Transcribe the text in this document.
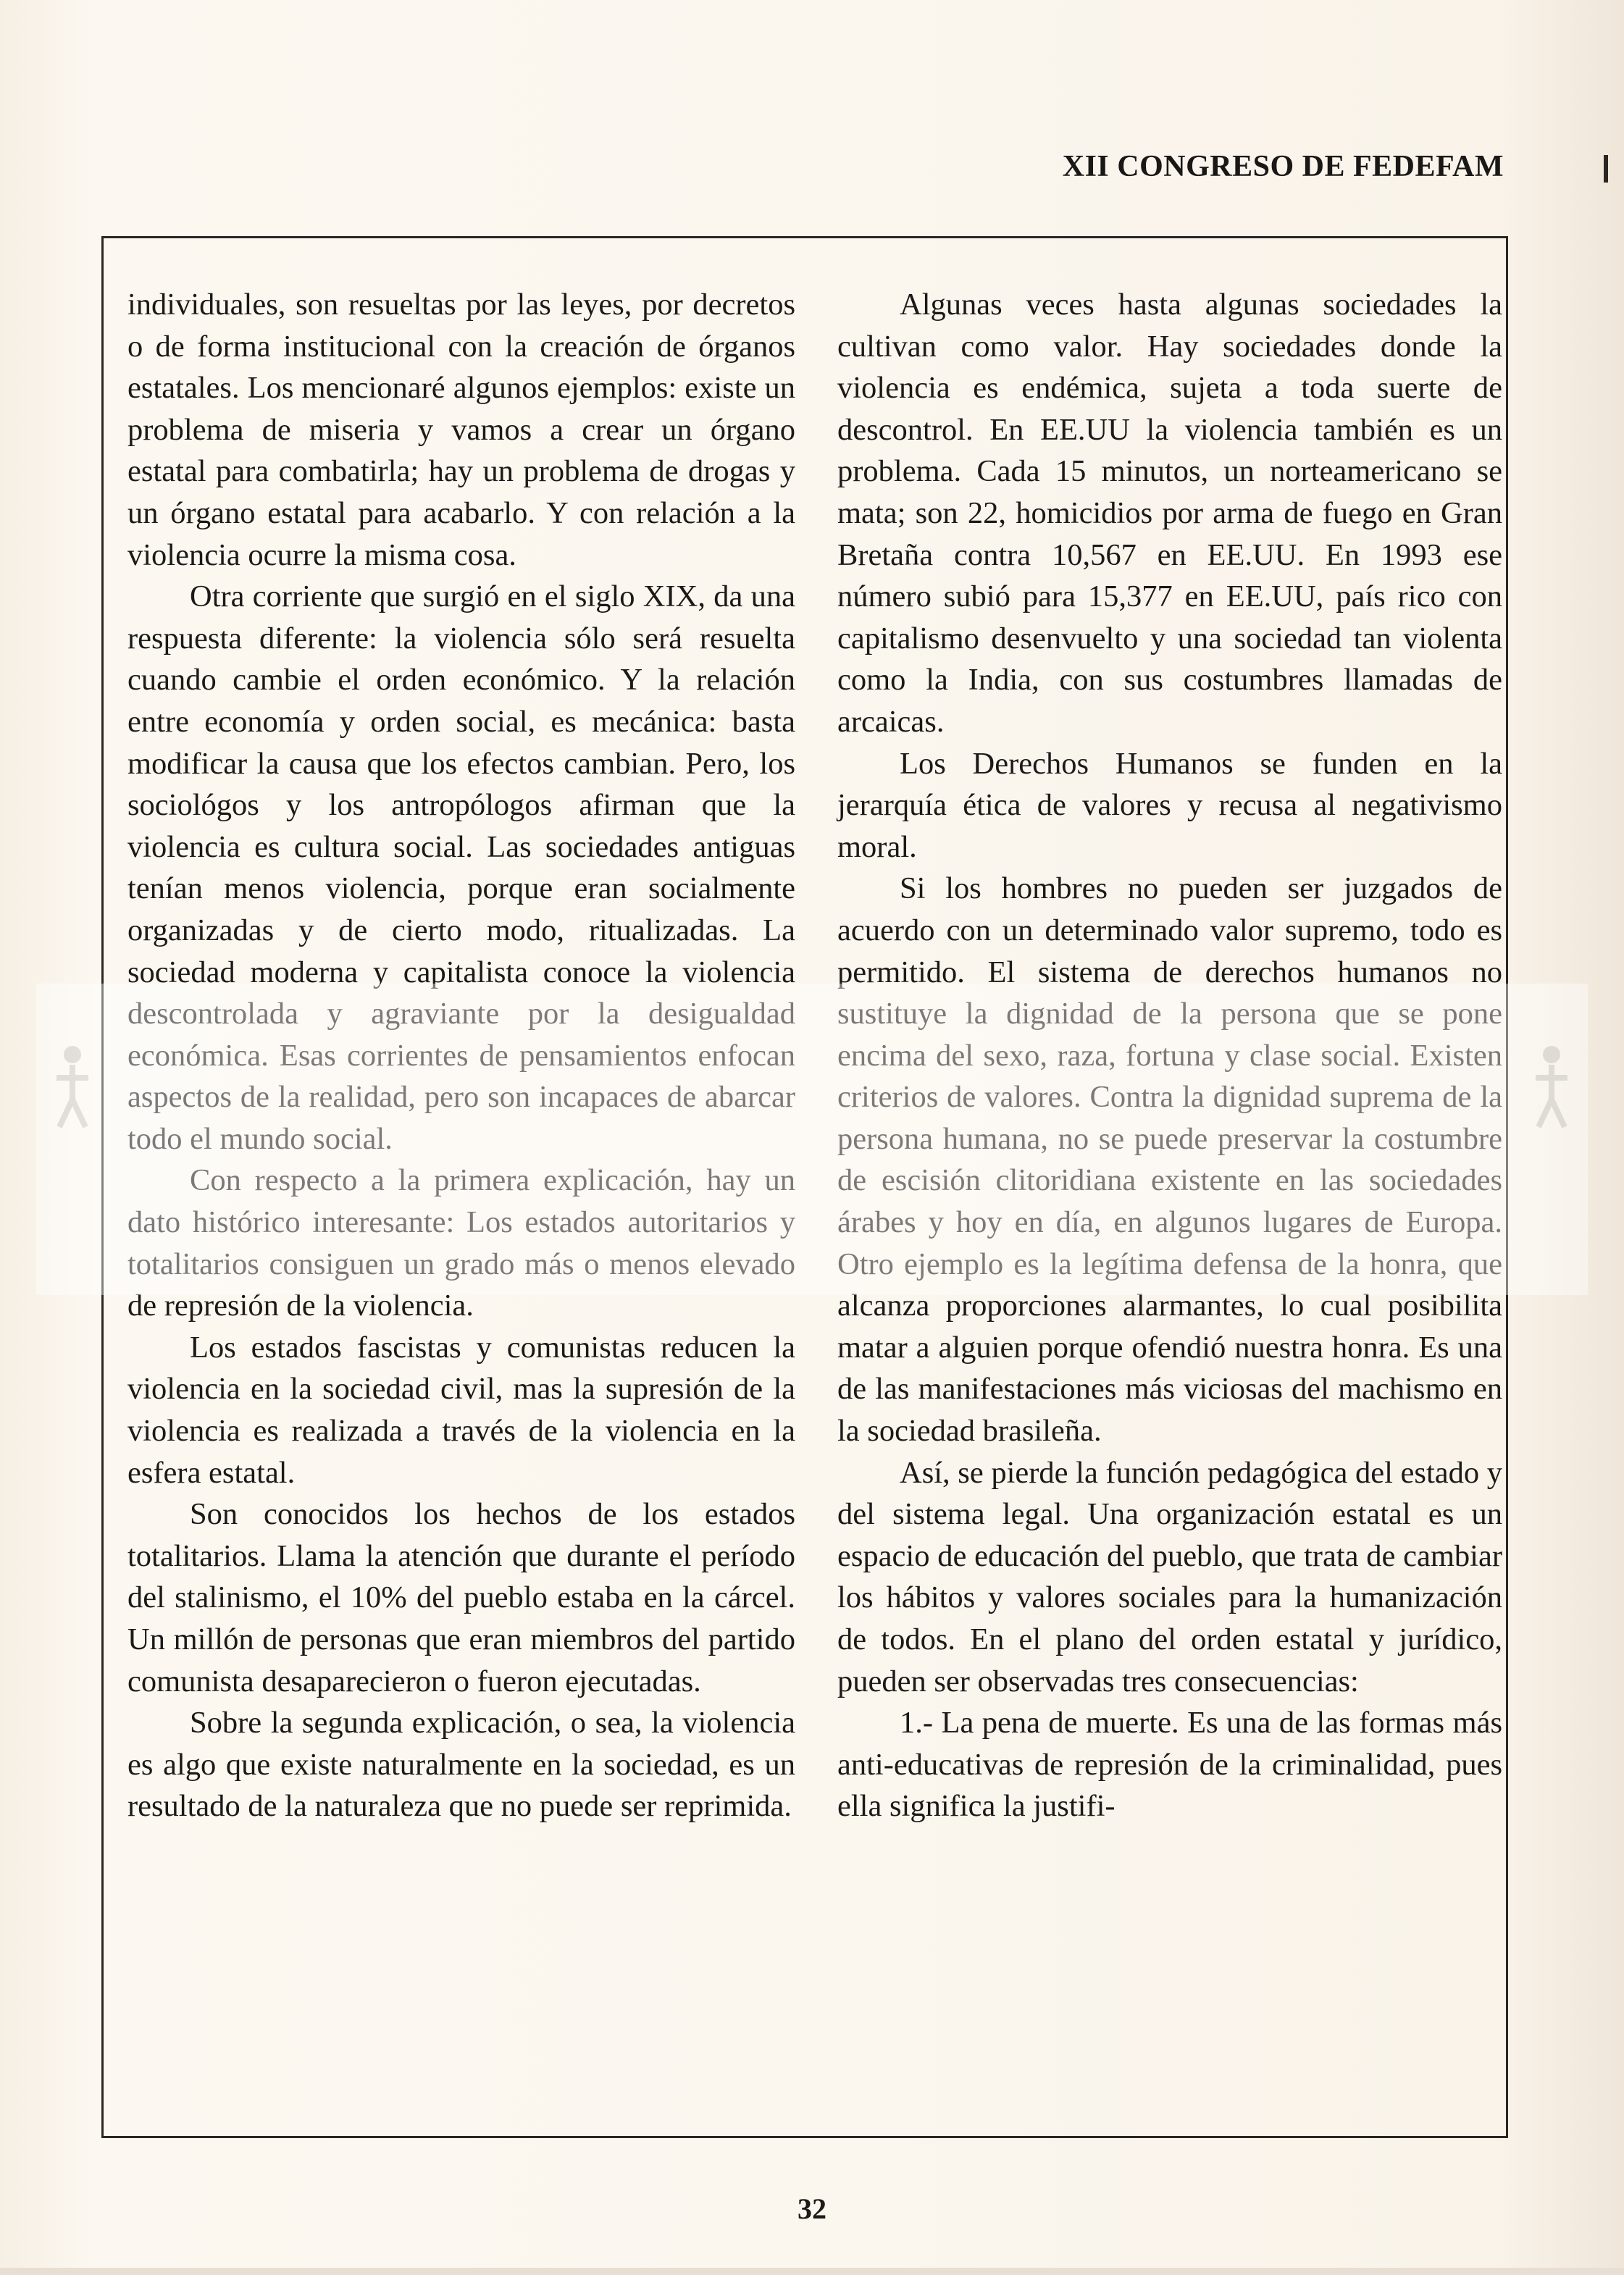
XII CONGRESO DE FEDEFAM

individuales, son resueltas por las leyes, por decretos o de forma institucional con la creación de órganos estatales. Los mencionaré algunos ejemplos: existe un problema de miseria y vamos a crear un órgano estatal para combatirla; hay un problema de drogas y un órgano estatal para acabarlo. Y con relación a la violencia ocurre la misma cosa.

Otra corriente que surgió en el siglo XIX, da una respuesta diferente: la violencia sólo será resuelta cuando cambie el orden económico. Y la relación entre economía y orden social, es mecánica: basta modificar la causa que los efectos cambian. Pero, los sociológos y los antropólogos afirman que la violencia es cultura social. Las sociedades antiguas tenían menos violencia, porque eran socialmente organizadas y de cierto modo, ritualizadas. La sociedad moderna y capitalista conoce la violencia descontrolada y agraviante por la desigualdad económica. Esas corrientes de pensamientos enfocan aspectos de la realidad, pero son incapaces de abarcar todo el mundo social.

Con respecto a la primera explicación, hay un dato histórico interesante: Los estados autoritarios y totalitarios consiguen un grado más o menos elevado de represión de la violencia.

Los estados fascistas y comunistas reducen la violencia en la sociedad civil, mas la supresión de la violencia es realizada a través de la violencia en la esfera estatal.

Son conocidos los hechos de los estados totalitarios. Llama la atención que durante el período del stalinismo, el 10% del pueblo estaba en la cárcel. Un millón de personas que eran miembros del partido comunista desaparecieron o fueron ejecutadas.

Sobre la segunda explicación, o sea, la violencia es algo que existe naturalmente en la sociedad, es un resultado de la naturaleza que no puede ser reprimida.

Algunas veces hasta algunas sociedades la cultivan como valor. Hay sociedades donde la violencia es endémica, sujeta a toda suerte de descontrol. En EE.UU la violencia también es un problema. Cada 15 minutos, un norteamericano se mata; son 22, homicidios por arma de fuego en Gran Bretaña contra 10,567 en EE.UU. En 1993 ese número subió para 15,377 en EE.UU, país rico con capitalismo desenvuelto y una sociedad tan violenta como la India, con sus costumbres llamadas de arcaicas.

Los Derechos Humanos se funden en la jerarquía ética de valores y recusa al negativismo moral.

Si los hombres no pueden ser juzgados de acuerdo con un determinado valor supremo, todo es permitido. El sistema de derechos humanos no sustituye la dignidad de la persona que se pone encima del sexo, raza, fortuna y clase social. Existen criterios de valores. Contra la dignidad suprema de la persona humana, no se puede preservar la costumbre de escisión clitoridiana existente en las sociedades árabes y hoy en día, en algunos lugares de Europa. Otro ejemplo es la legítima defensa de la honra, que alcanza proporciones alarmantes, lo cual posibilita matar a alguien porque ofendió nuestra honra. Es una de las manifestaciones más viciosas del machismo en la sociedad brasileña.

Así, se pierde la función pedagógica del estado y del sistema legal. Una organización estatal es un espacio de educación del pueblo, que trata de cambiar los hábitos y valores sociales para la humanización de todos. En el plano del orden estatal y jurídico, pueden ser observadas tres consecuencias:

1.- La pena de muerte. Es una de las formas más anti-educativas de represión de la criminalidad, pues ella significa la justifi-

32
